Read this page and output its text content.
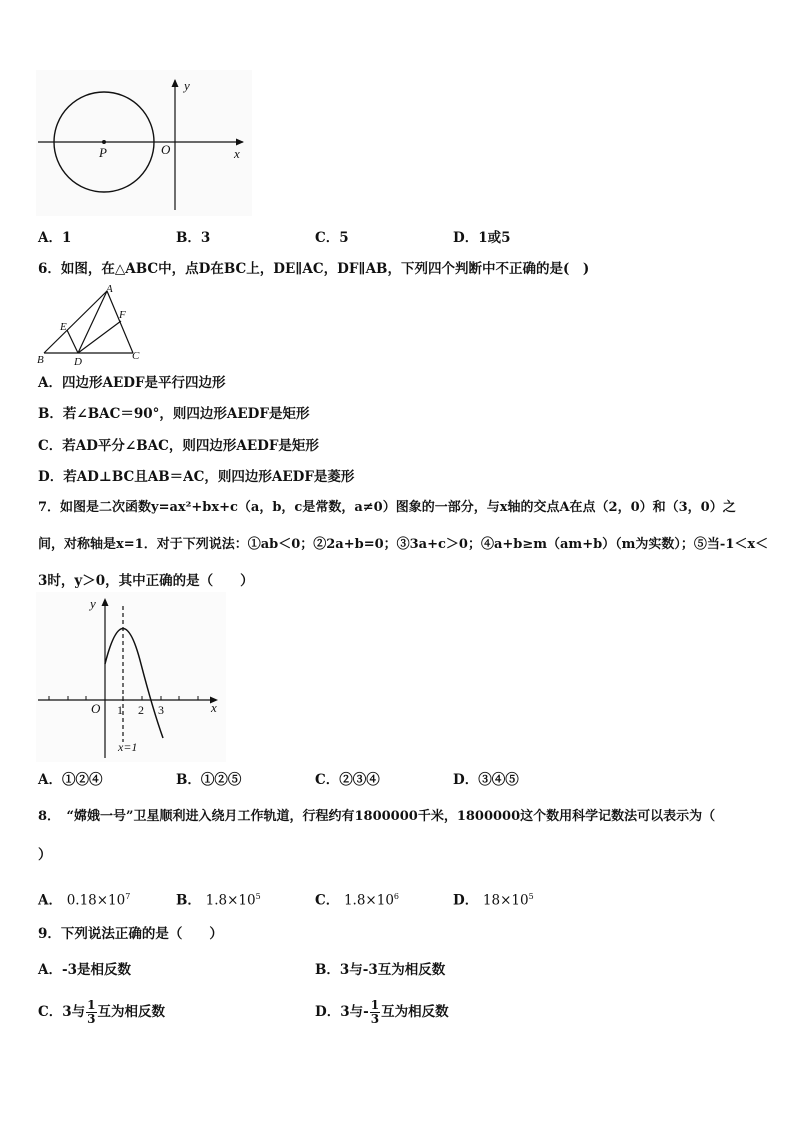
P	O	x
y
A．1	B．3	C．5	D．1或5
6．如图，在△ABC中，点D在BC上，DE∥AC，DF∥AB，下列四个判断中不正确的是(　)
A
B	C
D
E
F
A．四边形AEDF是平行四边形
B．若∠BAC＝90°，则四边形AEDF是矩形
C．若AD平分∠BAC，则四边形AEDF是矩形
D．若AD⊥BC且AB＝AC，则四边形AEDF是菱形
7．如图是二次函数y=ax²+bx+c（a，b，c是常数，a≠0）图象的一部分，与x轴的交点A在点（2，0）和（3，0）之
间，对称轴是x=1．对于下列说法：①ab＜0；②2a+b=0；③3a+c＞0；④a+b≥m（am+b）（m为实数）；⑤当-1＜x＜
3时，y＞0，其中正确的是（　　）
O 1 2 3	x
y
x=1
A．①②④	B．①②⑤	C．②③④	D．③④⑤
8．　“嫦娥一号”卫星顺利进入绕月工作轨道，行程约有1800000千米，1800000这个数用科学记数法可以表示为（
）
A． $0.18\times 10^7$	B． $1.8\times 10^5$	C． $1.8\times 10^6$	D． $18\times 10^5$
9．下列说法正确的是（　　）
A．-3是相反数	B．3与-3互为相反数
C．3与 $\frac{1}{3}$ 互为相反数	D．3与- $\frac{1}{3}$ 互为相反数
